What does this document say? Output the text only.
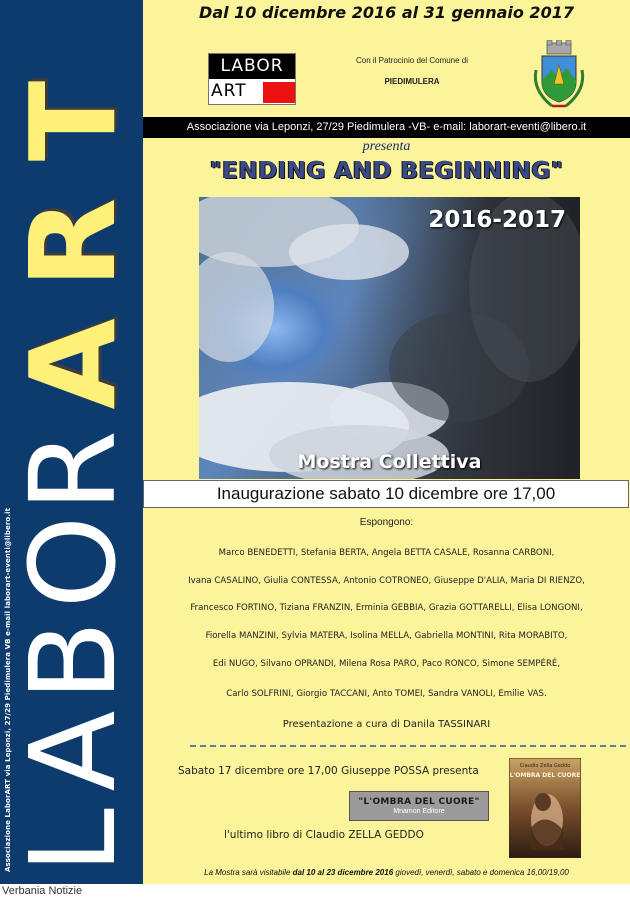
L
A
B
O
R
A
R
T
Associazione LaborART via Leponzi, 27/29 Piedimulera VB e-mail laborart-eventi@libero.it
Dal 10 dicembre 2016 al 31 gennaio 2017
LABOR
ART
Con il Patrocinio del Comune di
PIEDIMULERA
Associazione via Leponzi, 27/29 Piedimulera -VB- e-mail: laborart-eventi@libero.it
presenta
"ENDING AND BEGINNING"
2016-2017
Mostra Collettiva
Inaugurazione sabato 10 dicembre ore 17,00
Espongono:
Marco BENEDETTI, Stefania BERTA, Angela BETTA CASALE, Rosanna CARBONI,
Ivana CASALINO, Giulia CONTESSA, Antonio COTRONEO, Giuseppe D'ALIA, Maria DI RIENZO,
Francesco FORTINO, Tiziana FRANZIN, Erminia GEBBIA, Grazia GOTTARELLI, Elisa LONGONI,
Fiorella MANZINI, Sylvia MATERA, Isolina MELLA, Gabriella MONTINI, Rita MORABITO,
Edi NUGO, Silvano OPRANDI, Milena Rosa PARO, Paco RONCO, Simone SEMPÉRÉ,
Carlo SOLFRINI, Giorgio TACCANI, Anto TOMEI, Sandra VANOLI, Emilie VAS.
Presentazione a cura di Danila TASSINARI
Sabato 17 dicembre ore 17,00 Giuseppe POSSA presenta
"L'OMBRA DEL CUORE"
Mnamon Editore
l'ultimo libro di Claudio ZELLA GEDDO
Claudio Zella Geddo
L'OMBRA DEL CUORE
La Mostra sarà visitabile dal 10 al 23 dicembre 2016 giovedì, venerdì, sabato e domenica 16,00/19,00
Verbania Notizie
